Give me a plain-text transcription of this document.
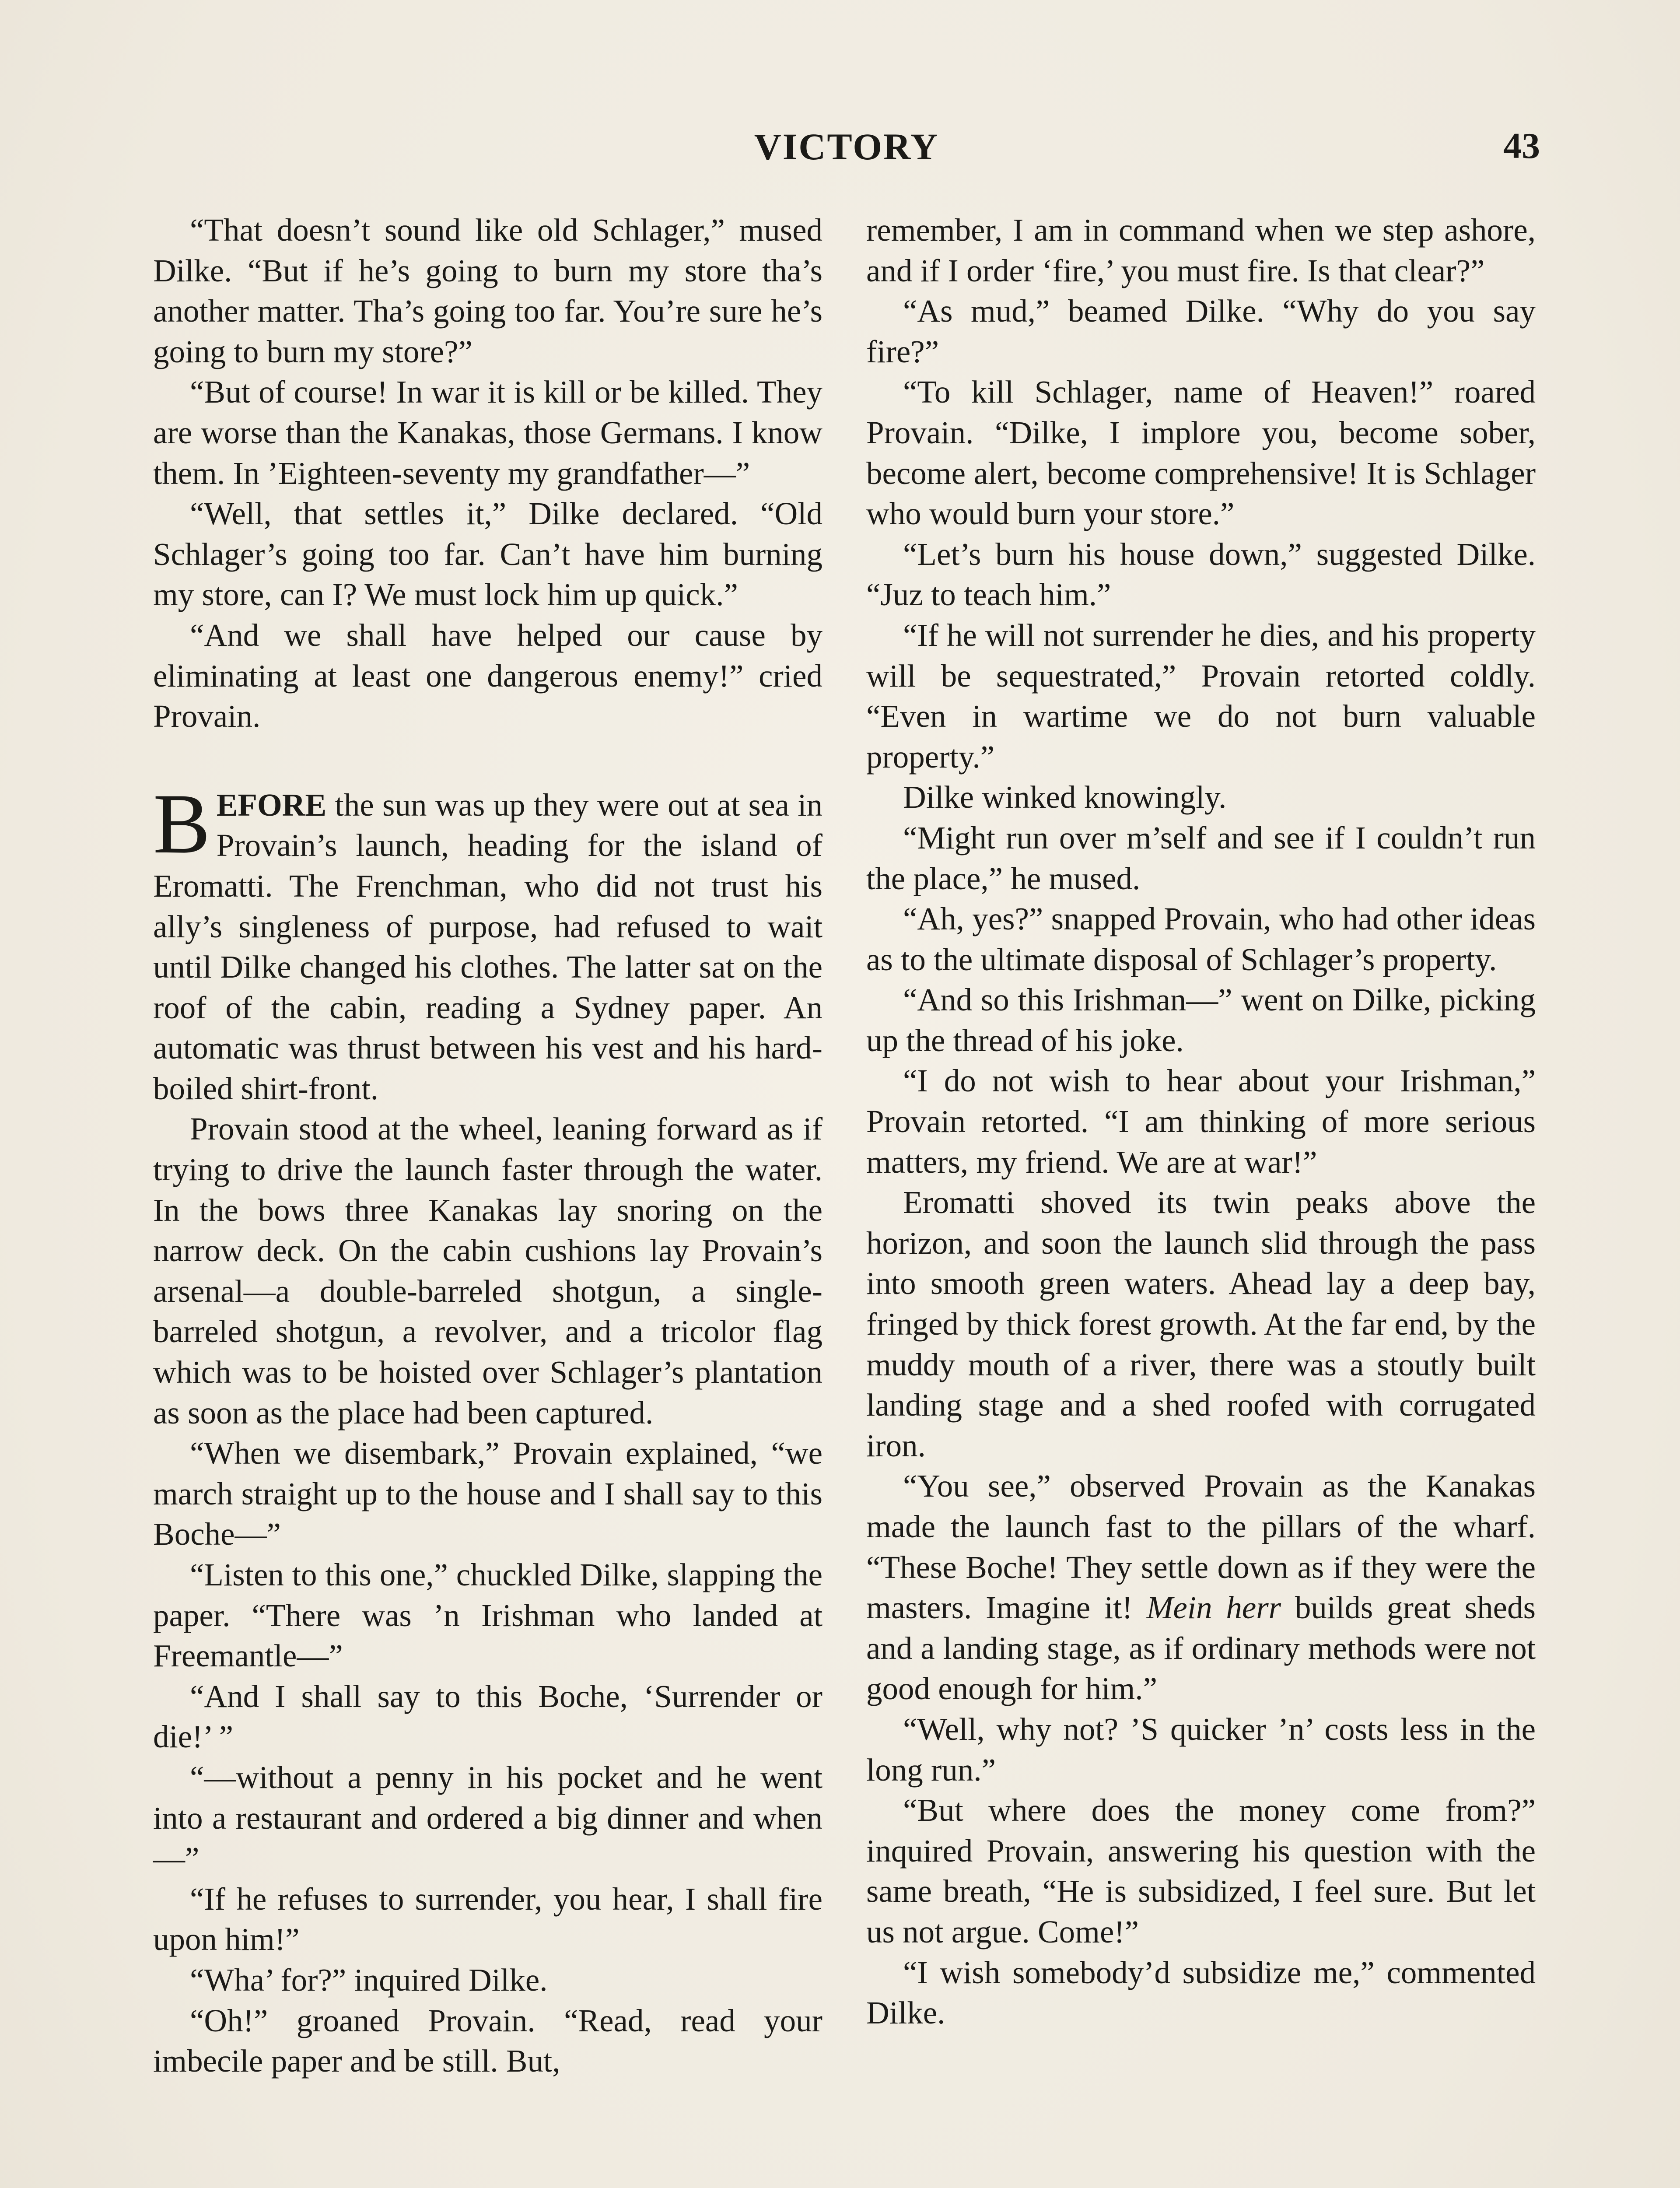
VICTORY	43

“That doesn’t sound like old Schlager,” mused Dilke. “But if he’s going to burn my store tha’s another matter. Tha’s going too far. You’re sure he’s going to burn my store?”

“But of course! In war it is kill or be killed. They are worse than the Kanakas, those Germans. I know them. In ’Eighteen-seventy my grandfather—”

“Well, that settles it,” Dilke declared. “Old Schlager’s going too far. Can’t have him burning my store, can I? We must lock him up quick.”

“And we shall have helped our cause by eliminating at least one dangerous enemy!” cried Provain.

BEFORE the sun was up they were out at sea in Provain’s launch, heading for the island of Eromatti. The Frenchman, who did not trust his ally’s singleness of purpose, had refused to wait until Dilke changed his clothes. The latter sat on the roof of the cabin, reading a Sydney paper. An automatic was thrust between his vest and his hard-boiled shirt-front.

Provain stood at the wheel, leaning forward as if trying to drive the launch faster through the water. In the bows three Kanakas lay snoring on the narrow deck. On the cabin cushions lay Provain’s arsenal—a double-barreled shotgun, a single-barreled shotgun, a revolver, and a tricolor flag which was to be hoisted over Schlager’s plantation as soon as the place had been captured.

“When we disembark,” Provain explained, “we march straight up to the house and I shall say to this Boche—”

“Listen to this one,” chuckled Dilke, slapping the paper. “There was ’n Irishman who landed at Freemantle—”

“And I shall say to this Boche, ‘Surrender or die!’ ”

“—without a penny in his pocket and he went into a restaurant and ordered a big dinner and when—”

“If he refuses to surrender, you hear, I shall fire upon him!”

“Wha’ for?” inquired Dilke.

“Oh!” groaned Provain. “Read, read your imbecile paper and be still. But,

remember, I am in command when we step ashore, and if I order ‘fire,’ you must fire. Is that clear?”

“As mud,” beamed Dilke. “Why do you say fire?”

“To kill Schlager, name of Heaven!” roared Provain. “Dilke, I implore you, become sober, become alert, become comprehensive! It is Schlager who would burn your store.”

“Let’s burn his house down,” suggested Dilke. “Juz to teach him.”

“If he will not surrender he dies, and his property will be sequestrated,” Provain retorted coldly. “Even in wartime we do not burn valuable property.”

Dilke winked knowingly.

“Might run over m’self and see if I couldn’t run the place,” he mused.

“Ah, yes?” snapped Provain, who had other ideas as to the ultimate disposal of Schlager’s property.

“And so this Irishman—” went on Dilke, picking up the thread of his joke.

“I do not wish to hear about your Irishman,” Provain retorted. “I am thinking of more serious matters, my friend. We are at war!”

Eromatti shoved its twin peaks above the horizon, and soon the launch slid through the pass into smooth green waters. Ahead lay a deep bay, fringed by thick forest growth. At the far end, by the muddy mouth of a river, there was a stoutly built landing stage and a shed roofed with corrugated iron.

“You see,” observed Provain as the Kanakas made the launch fast to the pillars of the wharf. “These Boche! They settle down as if they were the masters. Imagine it! Mein herr builds great sheds and a landing stage, as if ordinary methods were not good enough for him.”

“Well, why not? ’S quicker ’n’ costs less in the long run.”

“But where does the money come from?” inquired Provain, answering his question with the same breath, “He is subsidized, I feel sure. But let us not argue. Come!”

“I wish somebody’d subsidize me,” commented Dilke.
